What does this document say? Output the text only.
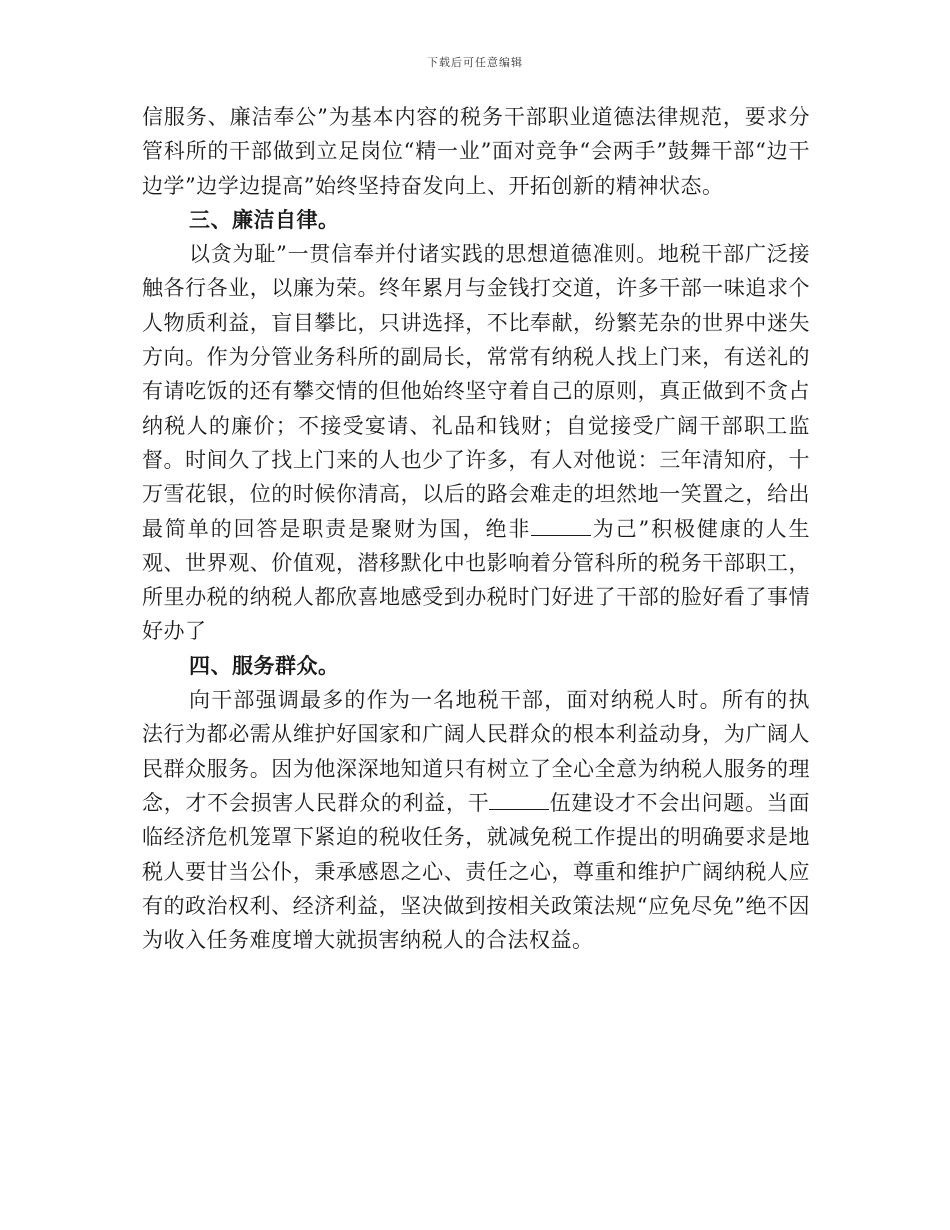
下载后可任意编辑

信服务、廉洁奉公”为基本内容的税务干部职业道德法律规范，要求分管科所的干部做到立足岗位“精一业”面对竞争“会两手”鼓舞干部“边干边学”边学边提高”始终坚持奋发向上、开拓创新的精神状态。

三、廉洁自律。

以贪为耻”一贯信奉并付诸实践的思想道德准则。地税干部广泛接触各行各业，以廉为荣。终年累月与金钱打交道，许多干部一味追求个人物质利益，盲目攀比，只讲选择，不比奉献，纷繁芜杂的世界中迷失方向。作为分管业务科所的副局长，常常有纳税人找上门来，有送礼的有请吃饭的还有攀交情的但他始终坚守着自己的原则，真正做到不贪占纳税人的廉价；不接受宴请、礼品和钱财；自觉接受广阔干部职工监督。时间久了找上门来的人也少了许多，有人对他说：三年清知府，十万雪花银，位的时候你清高，以后的路会难走的坦然地一笑置之，给出最简单的回答是职责是聚财为国，绝非	为己”积极健康的人生观、世界观、价值观，潜移默化中也影响着分管科所的税务干部职工，所里办税的纳税人都欣喜地感受到办税时门好进了干部的脸好看了事情好办了

四、服务群众。

向干部强调最多的作为一名地税干部，面对纳税人时。所有的执法行为都必需从维护好国家和广阔人民群众的根本利益动身，为广阔人民群众服务。因为他深深地知道只有树立了全心全意为纳税人服务的理念，才不会损害人民群众的利益，干	伍建设才不会出问题。当面临经济危机笼罩下紧迫的税收任务，就减免税工作提出的明确要求是地税人要甘当公仆，秉承感恩之心、责任之心，尊重和维护广阔纳税人应有的政治权利、经济利益，坚决做到按相关政策法规“应免尽免”绝不因为收入任务难度增大就损害纳税人的合法权益。
